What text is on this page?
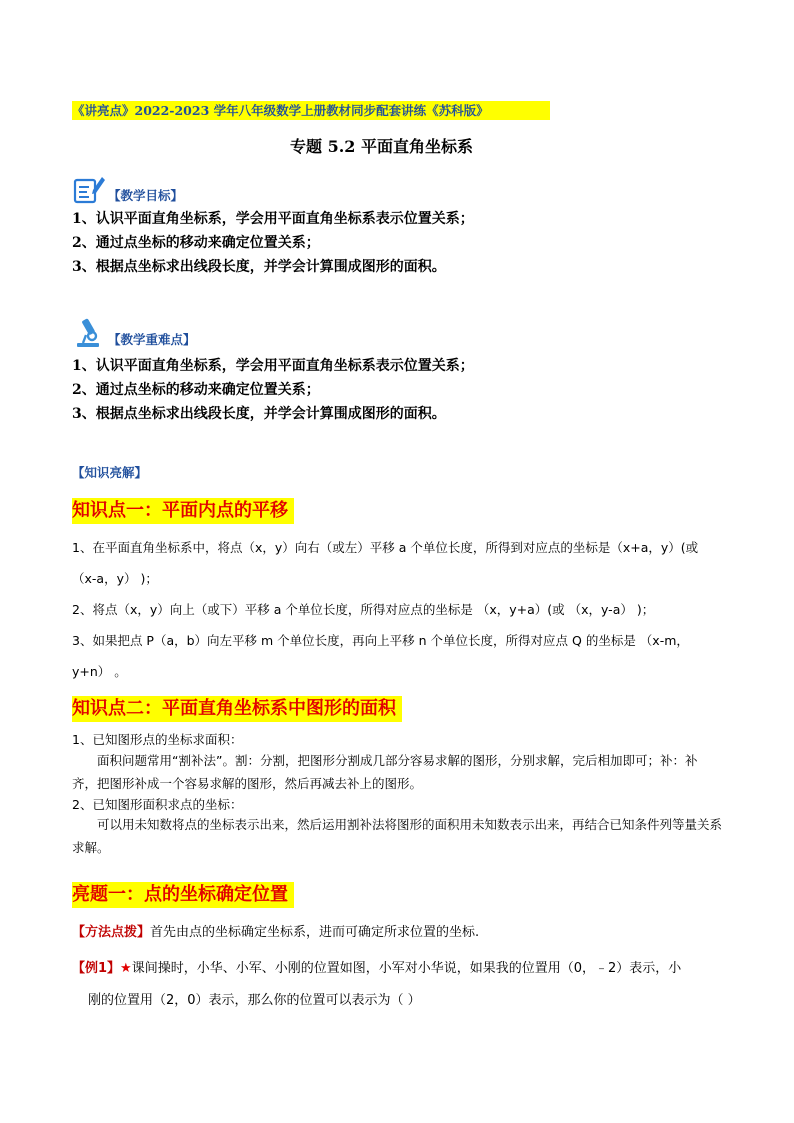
《讲亮点》2022-2023 学年八年级数学上册教材同步配套讲练《苏科版》
专题 5.2 平面直角坐标系
【教学目标】
1、认识平面直角坐标系，学会用平面直角坐标系表示位置关系；
2、通过点坐标的移动来确定位置关系；
3、根据点坐标求出线段长度，并学会计算围成图形的面积。
【教学重难点】
1、认识平面直角坐标系，学会用平面直角坐标系表示位置关系；
2、通过点坐标的移动来确定位置关系；
3、根据点坐标求出线段长度，并学会计算围成图形的面积。
【知识亮解】
知识点一：平面内点的平移

1、在平面直角坐标系中，将点（x，y）向右（或左）平移 a 个单位长度，所得到对应点的坐标是（x+a，y）(或（x-a，y） )；

2、将点（x，y）向上（或下）平移 a 个单位长度，所得对应点的坐标是 （x，y+a）(或 （x，y-a） )；

3、如果把点 P（a，b）向左平移 m 个单位长度，再向上平移 n 个单位长度，所得对应点 Q 的坐标是 （x-m，y+n） 。

知识点二：平面直角坐标系中图形的面积

1、已知图形点的坐标求面积：

面积问题常用“割补法”。割：分割，把图形分割成几部分容易求解的图形，分别求解，完后相加即可；补：补齐，把图形补成一个容易求解的图形，然后再减去补上的图形。

2、已知图形面积求点的坐标：

可以用未知数将点的坐标表示出来，然后运用割补法将图形的面积用未知数表示出来，再结合已知条件列等量关系求解。

亮题一：点的坐标确定位置
【方法点拨】首先由点的坐标确定坐标系，进而可确定所求位置的坐标.
【例1】★课间操时，小华、小军、小刚的位置如图，小军对小华说，如果我的位置用（0，﹣2）表示，小
刚的位置用（2，0）表示，那么你的位置可以表示为（ ）
